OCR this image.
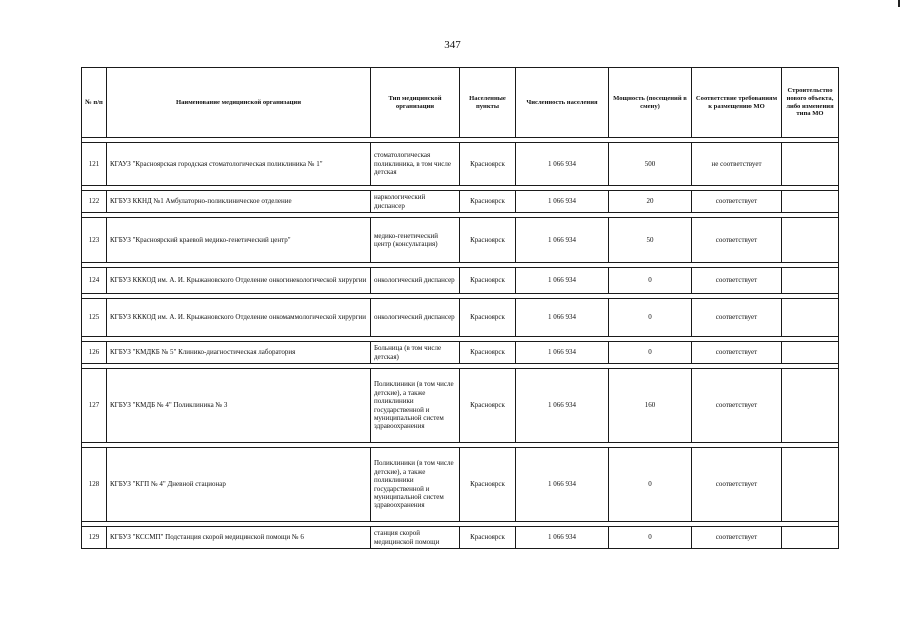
347
№ п/п	Наименование медицинской организации	Тип медицинской организации	Населенные пункты	Численность населения	Мощность (посещений в смену)	Соответствие требованиям к размещению МО	Строительство нового объекта, либо изменения типа МО

121	КГАУЗ "Красноярская городская стоматологическая поликлиника № 1"	стоматологическая поликлиника, в том числе детская	Красноярск	1 066 934	500	не соответствует	

122	КГБУЗ ККНД №1 Амбулаторно-поликлиническое отделение	наркологический диспансер	Красноярск	1 066 934	20	соответствует	

123	КГБУЗ "Красноярский краевой медико-генетический центр"	медико-генетический центр (консультация)	Красноярск	1 066 934	50	соответствует	

124	КГБУЗ КККОД им. А. И. Крыжановского Отделение онкогинекологической хирургии	онкологический диспансер	Красноярск	1 066 934	0	соответствует	

125	КГБУЗ КККОД им. А. И. Крыжановского Отделение онкомаммологической хирургии	онкологический диспансер	Красноярск	1 066 934	0	соответствует	

126	КГБУЗ "КМДКБ № 5" Клинико-диагностическая лаборатория	Больница (в том числе детская)	Красноярск	1 066 934	0	соответствует	

127	КГБУЗ "КМДБ № 4" Поликлиника № 3	Поликлиники (в том числе детские), а также поликлиники государственной и муниципальной систем здравоохранения	Красноярск	1 066 934	160	соответствует	

128	КГБУЗ "КГП № 4" Дневной стационар	Поликлиники (в том числе детские), а также поликлиники государственной и муниципальной систем здравоохранения	Красноярск	1 066 934	0	соответствует	

129	КГБУЗ "КССМП" Подстанция скорой медицинской помощи № 6	станция скорой медицинской помощи	Красноярск	1 066 934	0	соответствует	
